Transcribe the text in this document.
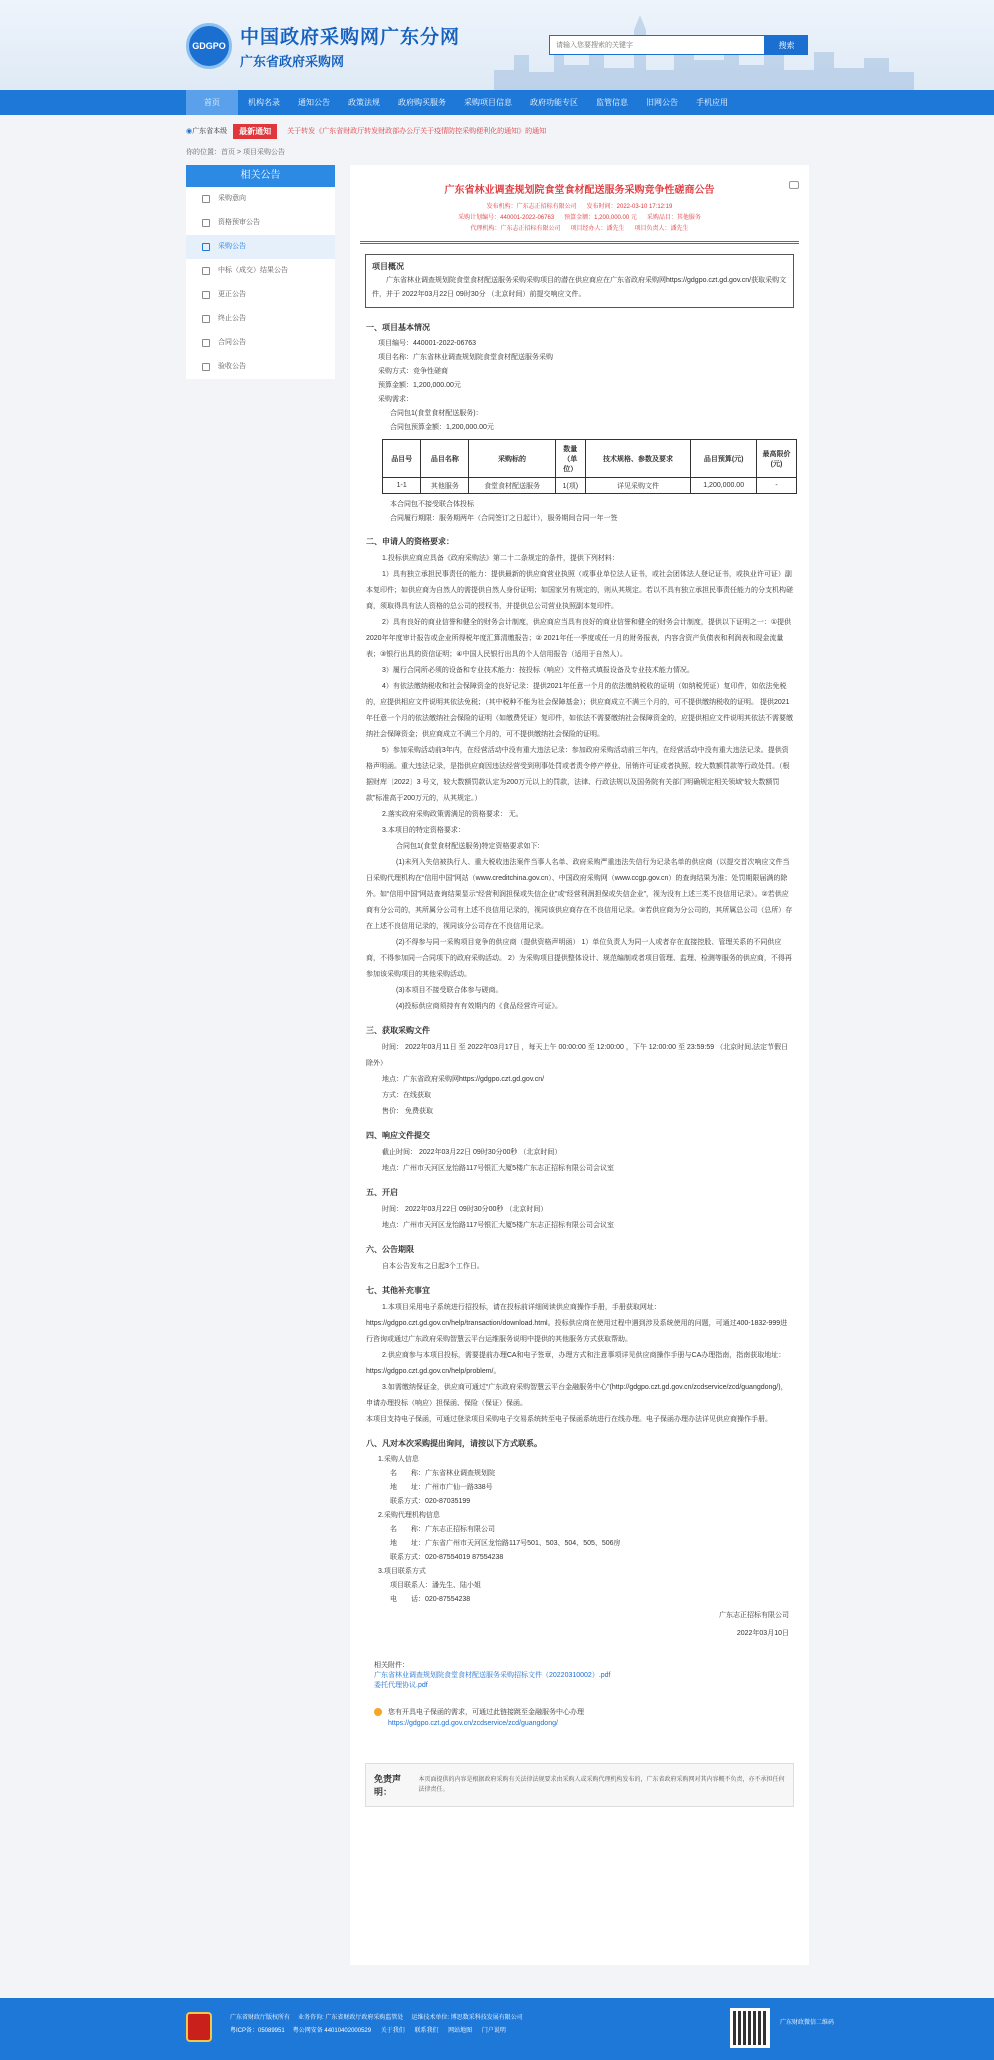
GDGPO 中国政府采购网广东分网
广东省政府采购网
请输入您要搜索的关键字
搜索
首页	机构名录	通知公告	政策法规	政府购买服务	采购项目信息	政府功能专区	监管信息	旧网公告	手机应用
◉ 广东省本级	最新通知	关于转发《广东省财政厅转发财政部办公厅关于疫情防控采购便利化的通知》的通知
你的位置：首页 > 项目采购公告
相关公告
采购意向
资格预审公告
采购公告
中标（成交）结果公告
更正公告
终止公告
合同公告
验收公告
广东省林业调查规划院食堂食材配送服务采购竞争性磋商公告
发布机构：广东志正招标有限公司 发布时间：2022-03-10 17:12:19
采购计划编号：440001-2022-06763 预算金额：1,200,000.00 元 采购品目：其他服务
代理机构：广东志正招标有限公司 项目经办人：潘先生 项目负责人：潘先生
项目概况
广东省林业调查规划院食堂食材配送服务采购采购项目的潜在供应商应在广东省政府采购网https://gdgpo.czt.gd.gov.cn/获取采购文件，并于 2022年03月22日 09时30分 （北京时间）前提交响应文件。
一、项目基本情况
项目编号：440001-2022-06763
项目名称：广东省林业调查规划院食堂食材配送服务采购
采购方式：竞争性磋商
预算金额：1,200,000.00元
采购需求：
合同包1(食堂食材配送服务)：
合同包预算金额：1,200,000.00元
品目号	品目名称	采购标的	数量（单位）	技术规格、参数及要求	品目预算(元)	最高限价(元)
1-1	其他服务	食堂食材配送服务	1(项)	详见采购文件	1,200,000.00	-
本合同包不接受联合体投标
合同履行期限：服务期两年（合同签订之日起计），服务期间合同一年一签
二、申请人的资格要求：
1.投标供应商应具备《政府采购法》第二十二条规定的条件，提供下列材料：
1）具有独立承担民事责任的能力：提供最新的供应商营业执照（或事业单位法人证书，或社会团体法人登记证书，或执业许可证）副本复印件；如供应商为自然人的需提供自然人身份证明；如国家另有规定的，则从其规定。若以不具有独立承担民事责任能力的分支机构磋商，须取得具有法人资格的总公司的授权书，并提供总公司营业执照副本复印件。
2）具有良好的商业信誉和健全的财务会计制度，供应商应当具有良好的商业信誉和健全的财务会计制度，提供以下证明之一：①提供2020年年度审计报告或企业所得税年度汇算清缴报告；② 2021年任一季度或任一月的财务报表，内容含资产负债表和利润表和现金流量表；③银行出具的资信证明；④中国人民银行出具的个人信用报告（适用于自然人）。
3）履行合同所必须的设备和专业技术能力：按投标（响应）文件格式填报设备及专业技术能力情况。
4）有依法缴纳税收和社会保障资金的良好记录：提供2021年任意一个月的依法缴纳税收的证明（如纳税凭证）复印件，如依法免税的，应提供相应文件说明其依法免税；（其中税种不能为社会保障基金）；供应商成立不满三个月的，可不提供缴纳税收的证明。 提供2021年任意一个月的依法缴纳社会保险的证明（如缴费凭证）复印件，如依法不需要缴纳社会保障资金的，应提供相应文件说明其依法不需要缴纳社会保障资金；供应商成立不满三个月的，可不提供缴纳社会保险的证明。
5）参加采购活动前3年内，在经营活动中没有重大违法记录：参加政府采购活动前三年内，在经营活动中没有重大违法记录。提供资格声明函。重大违法记录，是指供应商因违法经营受到刑事处罚或者责令停产停业、吊销许可证或者执照、较大数额罚款等行政处罚。（根据财库〔2022〕3 号文，较大数额罚款认定为200万元以上的罚款，法律、行政法规以及国务院有关部门明确规定相关领域“较大数额罚款”标准高于200万元的，从其规定。）
2.落实政府采购政策需满足的资格要求： 无。
3.本项目的特定资格要求：
合同包1(食堂食材配送服务)特定资格要求如下:
(1)未列入失信被执行人、重大税收违法案件当事人名单、政府采购严重违法失信行为记录名单的供应商（以提交首次响应文件当日采购代理机构在“信用中国”网站（www.creditchina.gov.cn）、中国政府采购网（www.ccgp.gov.cn）的查询结果为准；处罚期限届满的除外。如“信用中国”网站查询结果显示“经营利润担保或失信企业”或“经营利润担保或失信企业”，视为没有上述三类不良信用记录）。②若供应商有分公司的，其所属分公司有上述不良信用记录的，视同该供应商存在不良信用记录。③若供应商为分公司的，其所属总公司（总所）存在上述不良信用记录的，视同该分公司存在不良信用记录。
(2)不得参与同一采购项目竞争的供应商（提供资格声明函） 1）单位负责人为同一人或者存在直接控股、管理关系的不同供应商，不得参加同一合同项下的政府采购活动。 2）为采购项目提供整体设计、规范编制或者项目管理、监理、检测等服务的供应商，不得再参加该采购项目的其他采购活动。
(3)本项目不接受联合体参与磋商。
(4)投标供应商须持有有效期内的《食品经营许可证》。
三、获取采购文件
时间： 2022年03月11日 至 2022年03月17日 ，每天上午 00:00:00 至 12:00:00 ，下午 12:00:00 至 23:59:59 （北京时间,法定节假日除外）
地点：广东省政府采购网https://gdgpo.czt.gd.gov.cn/
方式：在线获取
售价： 免费获取
四、响应文件提交
截止时间： 2022年03月22日 09时30分00秒 （北京时间）
地点：广州市天河区龙怡路117号银汇大厦5楼广东志正招标有限公司会议室
五、开启
时间： 2022年03月22日 09时30分00秒 （北京时间）
地点：广州市天河区龙怡路117号银汇大厦5楼广东志正招标有限公司会议室
六、公告期限
自本公告发布之日起3个工作日。
七、其他补充事宜
1.本项目采用电子系统进行招投标，请在投标前详细阅读供应商操作手册，手册获取网址：https://gdgpo.czt.gd.gov.cn/help/transaction/download.html。投标供应商在使用过程中遇到涉及系统使用的问题，可通过400-1832-999进行咨询或通过广东政府采购智慧云平台运维服务说明中提供的其他服务方式获取帮助。
2.供应商参与本项目投标，需要提前办理CA和电子签章，办理方式和注意事项详见供应商操作手册与CA办理指南，指南获取地址：https://gdgpo.czt.gd.gov.cn/help/problem/。
3.如需缴纳保证金，供应商可通过“广东政府采购智慧云平台金融服务中心”(http://gdgpo.czt.gd.gov.cn/zcdservice/zcd/guangdong/)，申请办理投标（响应）担保函、保险（保证）保函。
本项目支持电子保函，可通过登录项目采购电子交易系统转至电子保函系统进行在线办理。电子保函办理办法详见供应商操作手册。
八、凡对本次采购提出询问，请按以下方式联系。
1.采购人信息
名　　称：广东省林业调查规划院
地　　址：广州市广仙一路338号
联系方式：020-87035199
2.采购代理机构信息
名　　称：广东志正招标有限公司
地　　址：广东省广州市天河区龙怡路117号501、503、504、505、506房
联系方式：020-87554019 87554238
3.项目联系方式
项目联系人：潘先生、陆小姐
电　　话：020-87554238
广东志正招标有限公司
2022年03月10日
相关附件：
广东省林业调查规划院食堂食材配送服务采购招标文件（20220310002）.pdf
委托代理协议.pdf
您有开具电子保函的需求，可通过此链接跳至金融服务中心办理
https://gdgpo.czt.gd.gov.cn/zcdservice/zcd/guangdong/
免责声明：
本页面提供的内容是根据政府采购有关法律法规要求由采购人或采购代理机构发布的，广东省政府采购网对其内容概不负责，亦不承担任何法律责任。
广东省财政厅版权所有 业务咨询: 广东省财政厅政府采购监管处 运维技术单位: 博思数采科技发展有限公司
粤ICP备：05089951 粤公网安备 44010402000529 关于我们 联系我们 网站地图 门户说明
广东财政微信二维码
